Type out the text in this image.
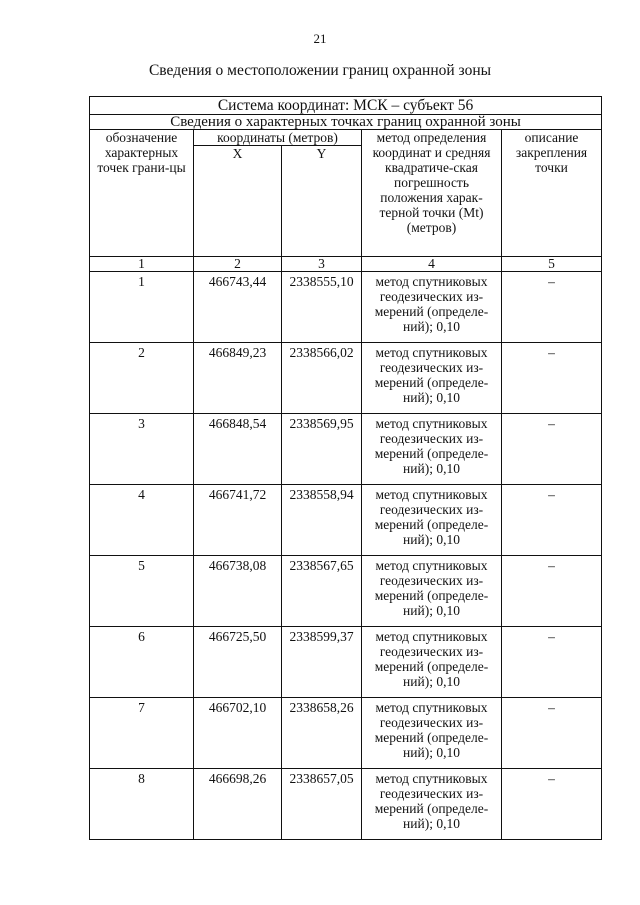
21
Сведения о местоположении границ охранной зоны
Система координат: МСК – субъект 56				
Сведения о характерных точках границ охранной зоны				
обозначение характерных точек грани-цы	координаты (метров)		метод определения координат и средняя квадратиче-ская погрешность положения харак-терной точки (Mt) (метров)	описание закрепления точки
	X	Y		
1	2	3	4	5
1	466743,44	2338555,10	метод спутниковых геодезических из-мерений (определе-ний); 0,10	–
2	466849,23	2338566,02	метод спутниковых геодезических из-мерений (определе-ний); 0,10	–
3	466848,54	2338569,95	метод спутниковых геодезических из-мерений (определе-ний); 0,10	–
4	466741,72	2338558,94	метод спутниковых геодезических из-мерений (определе-ний); 0,10	–
5	466738,08	2338567,65	метод спутниковых геодезических из-мерений (определе-ний); 0,10	–
6	466725,50	2338599,37	метод спутниковых геодезических из-мерений (определе-ний); 0,10	–
7	466702,10	2338658,26	метод спутниковых геодезических из-мерений (определе-ний); 0,10	–
8	466698,26	2338657,05	метод спутниковых геодезических из-мерений (определе-ний); 0,10	–
